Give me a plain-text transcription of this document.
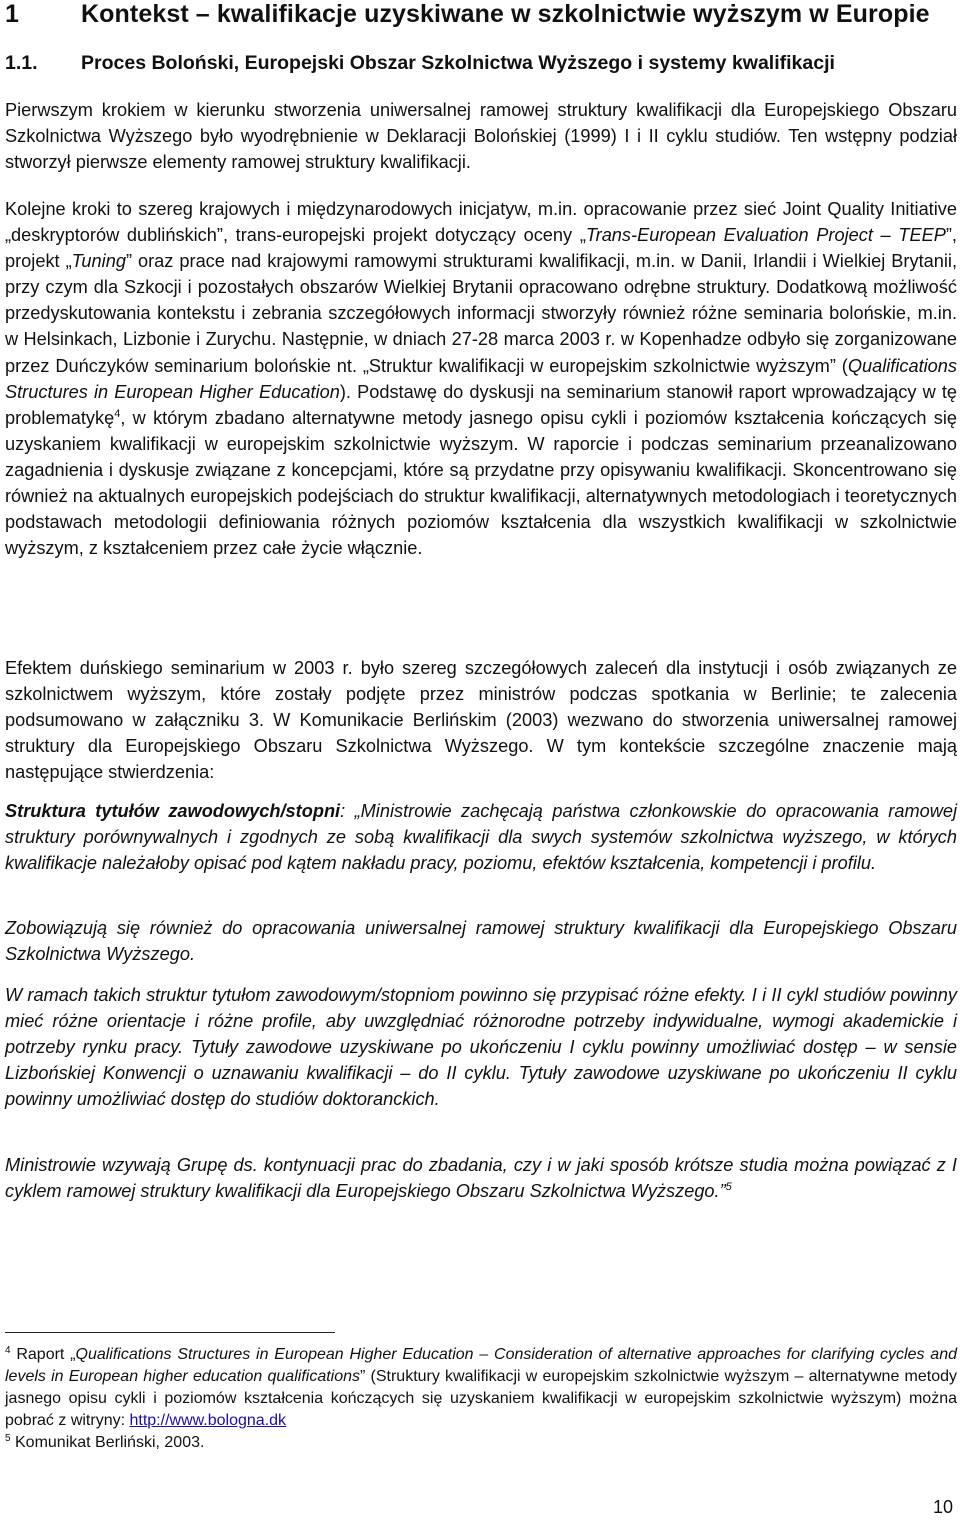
1 Kontekst – kwalifikacje uzyskiwane w szkolnictwie wyższym w Europie
1.1. Proces Boloński, Europejski Obszar Szkolnictwa Wyższego i systemy kwalifikacji

Pierwszym krokiem w kierunku stworzenia uniwersalnej ramowej struktury kwalifikacji dla Europejskiego Obszaru Szkolnictwa Wyższego było wyodrębnienie w Deklaracji Bolońskiej (1999) I i II cyklu studiów. Ten wstępny podział stworzył pierwsze elementy ramowej struktury kwalifikacji.

Kolejne kroki to szereg krajowych i międzynarodowych inicjatyw, m.in. opracowanie przez sieć Joint Quality Initiative „deskryptorów dublińskich”, trans-europejski projekt dotyczący oceny „Trans-European Evaluation Project – TEEP”, projekt „Tuning” oraz prace nad krajowymi ramowymi strukturami kwalifikacji, m.in. w Danii, Irlandii i Wielkiej Brytanii, przy czym dla Szkocji i pozostałych obszarów Wielkiej Brytanii opracowano odrębne struktury. Dodatkową możliwość przedyskutowania kontekstu i zebrania szczegółowych informacji stworzyły również różne seminaria bolońskie, m.in. w Helsinkach, Lizbonie i Zurychu. Następnie, w dniach 27-28 marca 2003 r. w Kopenhadze odbyło się zorganizowane przez Duńczyków seminarium bolońskie nt. „Struktur kwalifikacji w europejskim szkolnictwie wyższym” (Qualifications Structures in European Higher Education). Podstawę do dyskusji na seminarium stanowił raport wprowadzający w tę problematykę$^4$, w którym zbadano alternatywne metody jasnego opisu cykli i poziomów kształcenia kończących się uzyskaniem kwalifikacji w europejskim szkolnictwie wyższym. W raporcie i podczas seminarium przeanalizowano zagadnienia i dyskusje związane z koncepcjami, które są przydatne przy opisywaniu kwalifikacji. Skoncentrowano się również na aktualnych europejskich podejściach do struktur kwalifikacji, alternatywnych metodologiach i teoretycznych podstawach metodologii definiowania różnych poziomów kształcenia dla wszystkich kwalifikacji w szkolnictwie wyższym, z kształceniem przez całe życie włącznie.

Efektem duńskiego seminarium w 2003 r. było szereg szczegółowych zaleceń dla instytucji i osób związanych ze szkolnictwem wyższym, które zostały podjęte przez ministrów podczas spotkania w Berlinie; te zalecenia podsumowano w załączniku 3. W Komunikacie Berlińskim (2003) wezwano do stworzenia uniwersalnej ramowej struktury dla Europejskiego Obszaru Szkolnictwa Wyższego. W tym kontekście szczególne znaczenie mają następujące stwierdzenia:

Struktura tytułów zawodowych/stopni: „Ministrowie zachęcają państwa członkowskie do opracowania ramowej struktury porównywalnych i zgodnych ze sobą kwalifikacji dla swych systemów szkolnictwa wyższego, w których kwalifikacje należałoby opisać pod kątem nakładu pracy, poziomu, efektów kształcenia, kompetencji i profilu.

Zobowiązują się również do opracowania uniwersalnej ramowej struktury kwalifikacji dla Europejskiego Obszaru Szkolnictwa Wyższego.

W ramach takich struktur tytułom zawodowym/stopniom powinno się przypisać różne efekty. I i II cykl studiów powinny mieć różne orientacje i różne profile, aby uwzględniać różnorodne potrzeby indywidualne, wymogi akademickie i potrzeby rynku pracy. Tytuły zawodowe uzyskiwane po ukończeniu I cyklu powinny umożliwiać dostęp – w sensie Lizbońskiej Konwencji o uznawaniu kwalifikacji – do II cyklu. Tytuły zawodowe uzyskiwane po ukończeniu II cyklu powinny umożliwiać dostęp do studiów doktoranckich.

Ministrowie wzywają Grupę ds. kontynuacji prac do zbadania, czy i w jaki sposób krótsze studia można powiązać z I cyklem ramowej struktury kwalifikacji dla Europejskiego Obszaru Szkolnictwa Wyższego.”$^5$

$^4$ Raport „Qualifications Structures in European Higher Education – Consideration of alternative approaches for clarifying cycles and levels in European higher education qualifications” (Struktury kwalifikacji w europejskim szkolnictwie wyższym – alternatywne metody jasnego opisu cykli i poziomów kształcenia kończących się uzyskaniem kwalifikacji w europejskim szkolnictwie wyższym) można pobrać z witryny: http://www.bologna.dk

$^5$ Komunikat Berliński, 2003.

10
